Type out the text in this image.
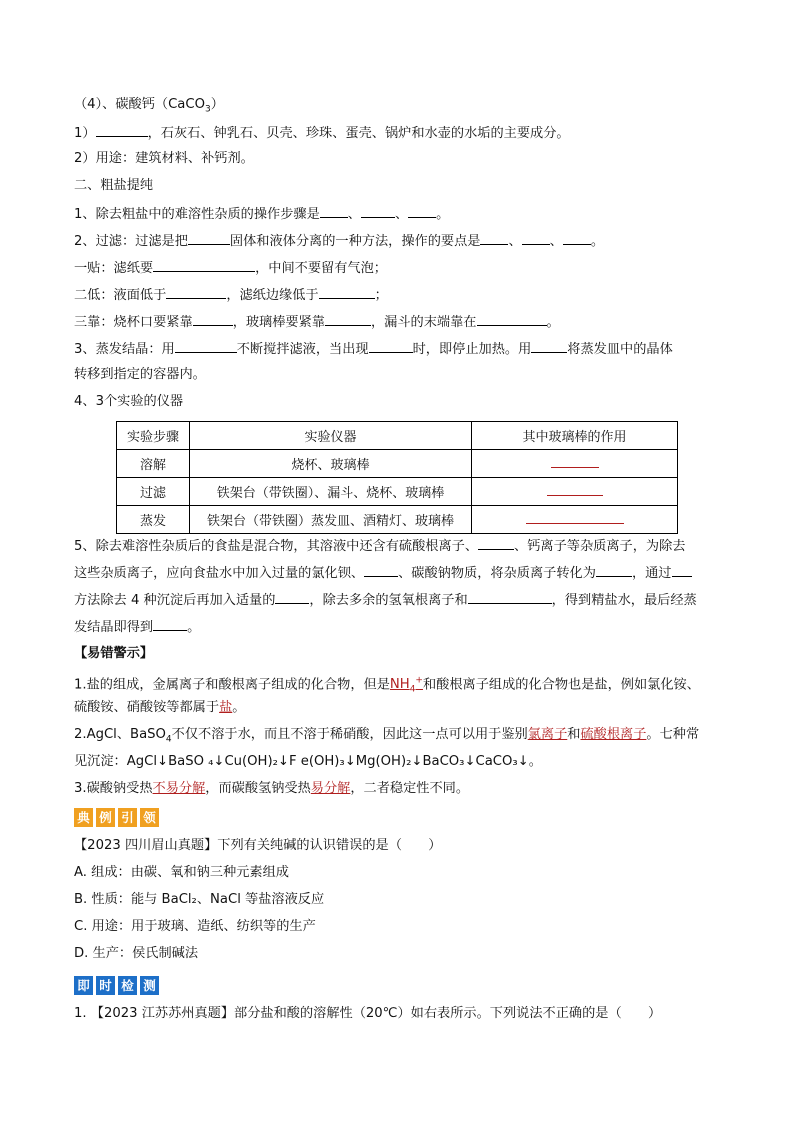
（4）、碳酸钙（CaCO$_3$）
1）	，石灰石、钟乳石、贝壳、珍珠、蛋壳、锅炉和水壶的水垢的主要成分。
2）用途：建筑材料、补钙剂。
二、粗盐提纯
1、除去粗盐中的难溶性杂质的操作步骤是 、	、 。
2、过滤：过滤是把	固体和液体分离的一种方法，操作的要点是 、 、 。
一贴：滤纸要	，中间不要留有气泡；
二低：液面低于	，滤纸边缘低于	；
三靠：烧杯口要紧靠	，玻璃棒要紧靠	，漏斗的末端靠在	。
3、蒸发结晶：用	不断搅拌滤液，当出现	时，即停止加热。用	将蒸发皿中的晶体
转移到指定的容器内。
4、3个实验的仪器
实验步骤	实验仪器	其中玻璃棒的作用
溶解	烧杯、玻璃棒	
过滤	铁架台（带铁圈）、漏斗、烧杯、玻璃棒	
蒸发	铁架台（带铁圈）蒸发皿、酒精灯、玻璃棒	
5、除去难溶性杂质后的食盐是混合物，其溶液中还含有硫酸根离子、	、钙离子等杂质离子，为除去
这些杂质离子，应向食盐水中加入过量的氯化钡、	、碳酸钠物质，将杂质离子转化为	，通过
方法除去 4 种沉淀后再加入适量的	，除去多余的氢氧根离子和	，得到精盐水，最后经蒸
发结晶即得到	。
【易错警示】
1.盐的组成，金属离子和酸根离子组成的化合物，但是$NH_4^+$和酸根离子组成的化合物也是盐，例如氯化铵、
硫酸铵、硝酸铵等都属于盐。
2.AgCl、BaSO$_4$不仅不溶于水，而且不溶于稀硝酸，因此这一点可以用于鉴别氯离子和硫酸根离子。七种常
见沉淀：AgCl↓BaSO ₄↓Cu(OH)₂↓F e(OH)₃↓Mg(OH)₂↓BaCO₃↓CaCO₃↓。
3.碳酸钠受热不易分解，而碳酸氢钠受热易分解，二者稳定性不同。
典 例 引 领
【2023 四川眉山真题】下列有关纯碱的认识错误的是（　　）
A. 组成：由碳、氧和钠三种元素组成
B. 性质：能与 BaCl₂、NaCl 等盐溶液反应
C. 用途：用于玻璃、造纸、纺织等的生产
D. 生产：侯氏制碱法
即 时 检 测
1. 【2023 江苏苏州真题】部分盐和酸的溶解性（20℃）如右表所示。下列说法不正确的是（　　）
